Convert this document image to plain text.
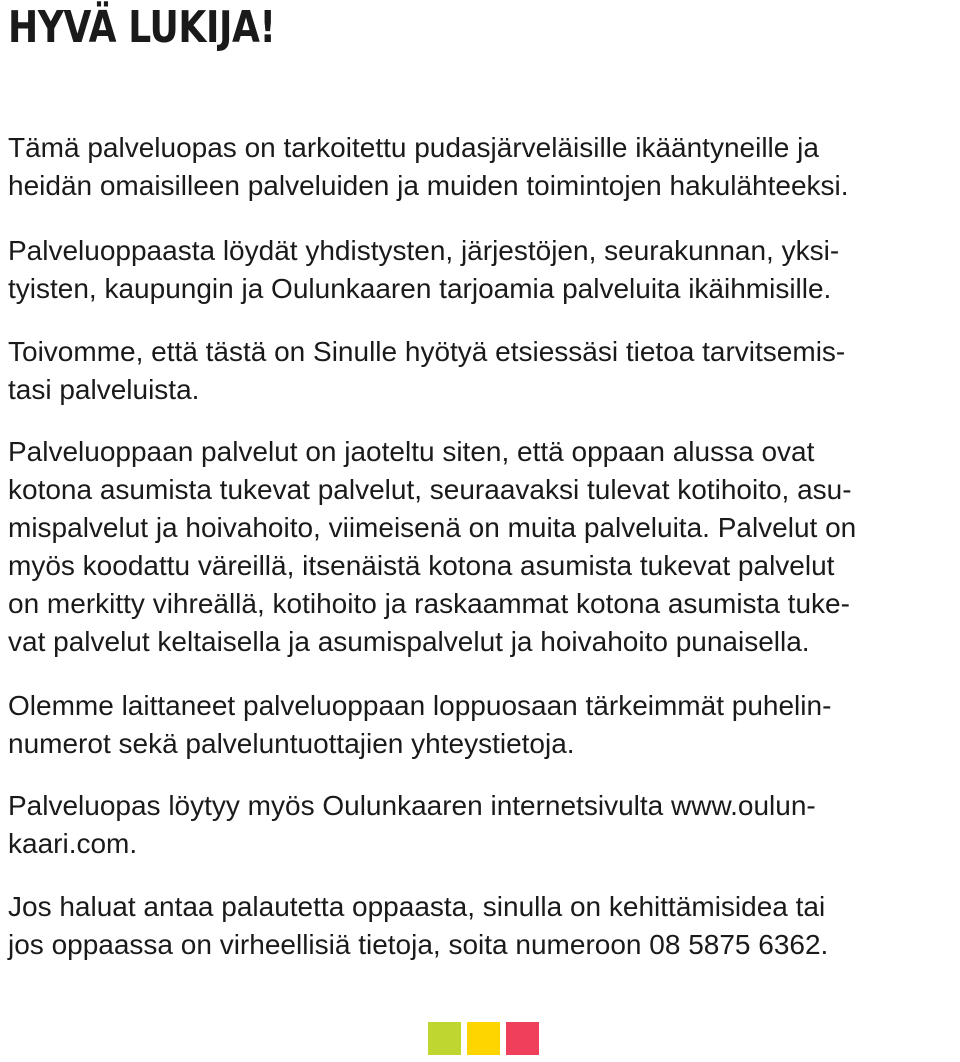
HYVÄ LUKIJA!

Tämä palveluopas on tarkoitettu pudasjärveläisille ikääntyneille ja
heidän omaisilleen palveluiden ja muiden toimintojen hakulähteeksi.

Palveluoppaasta löydät yhdistysten, järjestöjen, seurakunnan, yksi-
tyisten, kaupungin ja Oulunkaaren tarjoamia palveluita ikäihmisille.

Toivomme, että tästä on Sinulle hyötyä etsiessäsi tietoa tarvitsemis-
tasi palveluista.

Palveluoppaan palvelut on jaoteltu siten, että oppaan alussa ovat
kotona asumista tukevat palvelut, seuraavaksi tulevat kotihoito, asu-
mispalvelut ja hoivahoito, viimeisenä on muita palveluita. Palvelut on
myös koodattu väreillä, itsenäistä kotona asumista tukevat palvelut
on merkitty vihreällä, kotihoito ja raskaammat kotona asumista tuke-
vat palvelut keltaisella ja asumispalvelut ja hoivahoito punaisella.

Olemme laittaneet palveluoppaan loppuosaan tärkeimmät puhelin-
numerot sekä palveluntuottajien yhteystietoja.

Palveluopas löytyy myös Oulunkaaren internetsivulta www.oulun-
kaari.com.

Jos haluat antaa palautetta oppaasta, sinulla on kehittämisidea tai
jos oppaassa on virheellisiä tietoja, soita numeroon 08 5875 6362.
